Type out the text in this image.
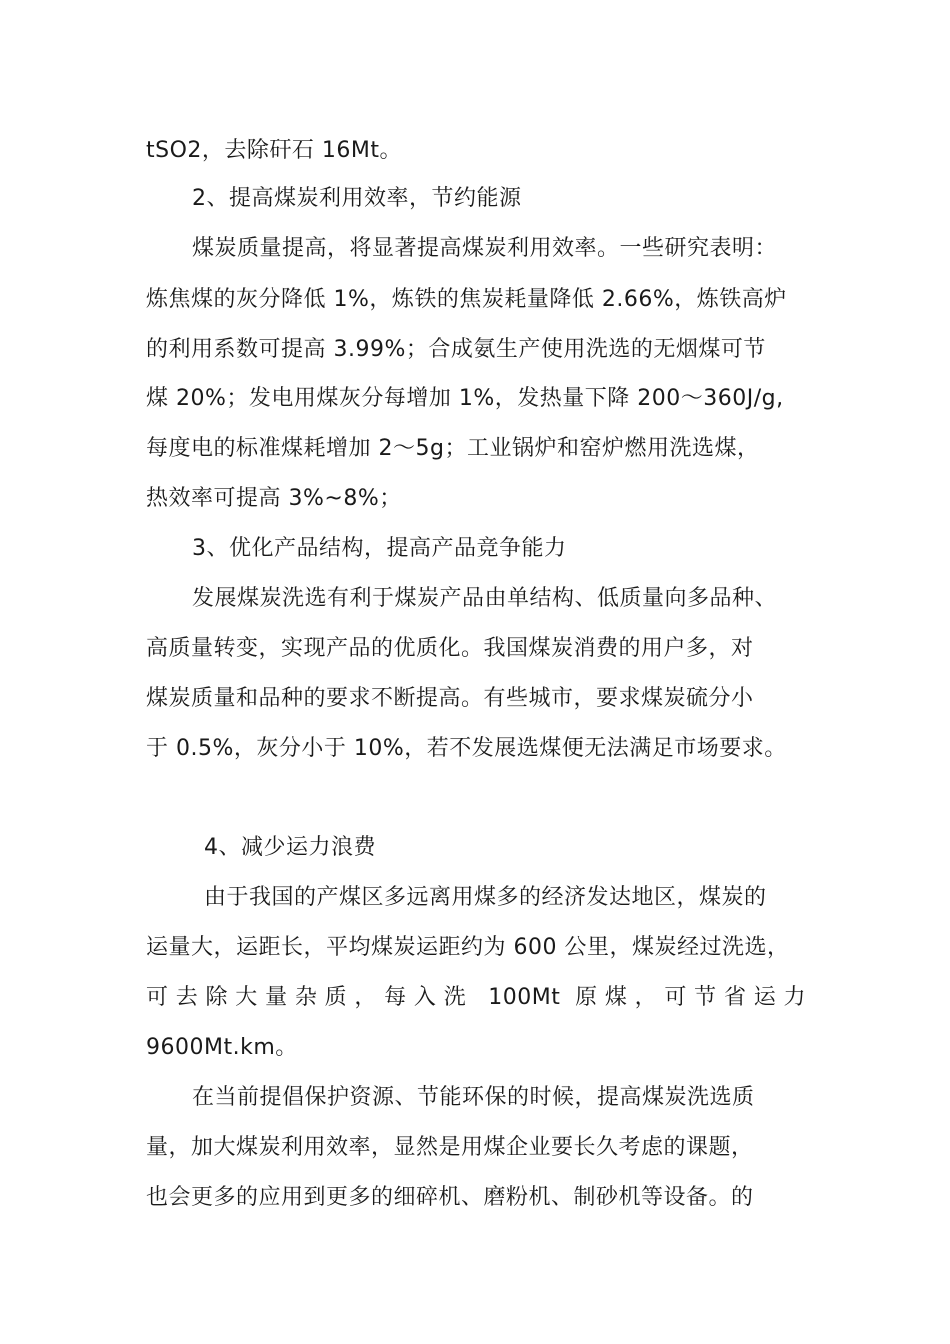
tSO2，去除矸石 16Mt。
2、提高煤炭利用效率，节约能源
煤炭质量提高，将显著提高煤炭利用效率。一些研究表明：
炼焦煤的灰分降低 1%，炼铁的焦炭耗量降低 2.66%，炼铁高炉
的利用系数可提高 3.99%；合成氨生产使用洗选的无烟煤可节
煤 20%；发电用煤灰分每增加 1%，发热量下降 200～360J/g,
每度电的标准煤耗增加 2～5g；工业锅炉和窑炉燃用洗选煤，
热效率可提高 3%~8%；
3、优化产品结构，提高产品竞争能力
发展煤炭洗选有利于煤炭产品由单结构、低质量向多品种、
高质量转变，实现产品的优质化。我国煤炭消费的用户多，对
煤炭质量和品种的要求不断提高。有些城市，要求煤炭硫分小
于 0.5%，灰分小于 10%，若不发展选煤便无法满足市场要求。
4、减少运力浪费
由于我国的产煤区多远离用煤多的经济发达地区，煤炭的
运量大，运距长，平均煤炭运距约为 600 公里，煤炭经过洗选，
可去除大量杂质，每入洗 100Mt 原煤，可节省运力
9600Mt.km。
在当前提倡保护资源、节能环保的时候，提高煤炭洗选质
量，加大煤炭利用效率，显然是用煤企业要长久考虑的课题，
也会更多的应用到更多的细碎机、磨粉机、制砂机等设备。的
